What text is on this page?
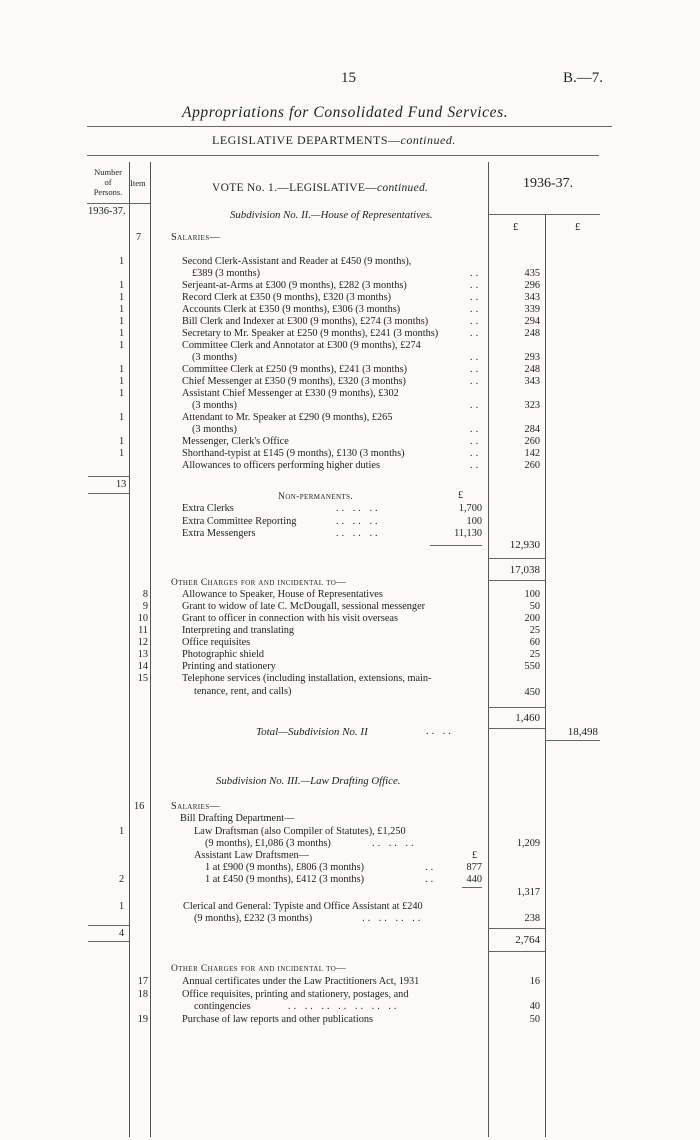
15	B.—7.
Appropriations for Consolidated Fund Services.
LEGISLATIVE DEPARTMENTS—continued.
Number
of
Persons.
Item	1936-37.
1936-37.
£	£
VOTE No. 1.—LEGISLATIVE—continued.
Subdivision No. II.—House of Representatives.
7	Salaries—
1	Second Clerk-Assistant and Reader at £450 (9 months),
£389 (3 months)	..	435
1	Serjeant-at-Arms at £300 (9 months), £282 (3 months)	..	296
1	Record Clerk at £350 (9 months), £320 (3 months)	..	343
1	Accounts Clerk at £350 (9 months), £306 (3 months)	..	339
1	Bill Clerk and Indexer at £300 (9 months), £274 (3 months)	..	294
1	Secretary to Mr. Speaker at £250 (9 months), £241 (3 months)	..	248
1	Committee Clerk and Annotator at £300 (9 months), £274
(3 months)	..	293
1	Committee Clerk at £250 (9 months), £241 (3 months)	..	248
1	Chief Messenger at £350 (9 months), £320 (3 months)	..	343
1	Assistant Chief Messenger at £330 (9 months), £302
(3 months)	..	323
1	Attendant to Mr. Speaker at £290 (9 months), £265
(3 months)	..	284
1	Messenger, Clerk's Office	..	260
1	Shorthand-typist at £145 (9 months), £130 (3 months)	..	142
Allowances to officers performing higher duties	..	260
13
Non-permanents.	£
Extra Clerks	.. .. ..	1,700
Extra Committee Reporting	.. .. ..	100
Extra Messengers	.. .. ..	11,130
12,930
17,038
Other Charges for and incidental to—
8	Allowance to Speaker, House of Representatives	100
9	Grant to widow of late C. McDougall, sessional messenger	50
10	Grant to officer in connection with his visit overseas	200
11	Interpreting and translating	25
12	Office requisites	60
13	Photographic shield	25
14	Printing and stationery	550
15	Telephone services (including installation, extensions, main-
tenance, rent, and calls)	450
1,460
Total—Subdivision No. II	.. ..	18,498
Subdivision No. III.—Law Drafting Office.
16	Salaries—
Bill Drafting Department—
1	Law Draftsman (also Compiler of Statutes), £1,250
(9 months), £1,086 (3 months)	.. .. ..	1,209
Assistant Law Draftsmen—	£
2
1 at £900 (9 months), £806 (3 months)	..	877
1 at £450 (9 months), £412 (3 months)	..	440
1,317
1	Clerical and General: Typiste and Office Assistant at £240
(9 months), £232 (3 months)	.. .. .. ..	238
4
2,764
Other Charges for and incidental to—
17	Annual certificates under the Law Practitioners Act, 1931	16
18	Office requisites, printing and stationery, postages, and
contingencies	.. .. .. .. .. .. ..	40
19	Purchase of law reports and other publications	50
